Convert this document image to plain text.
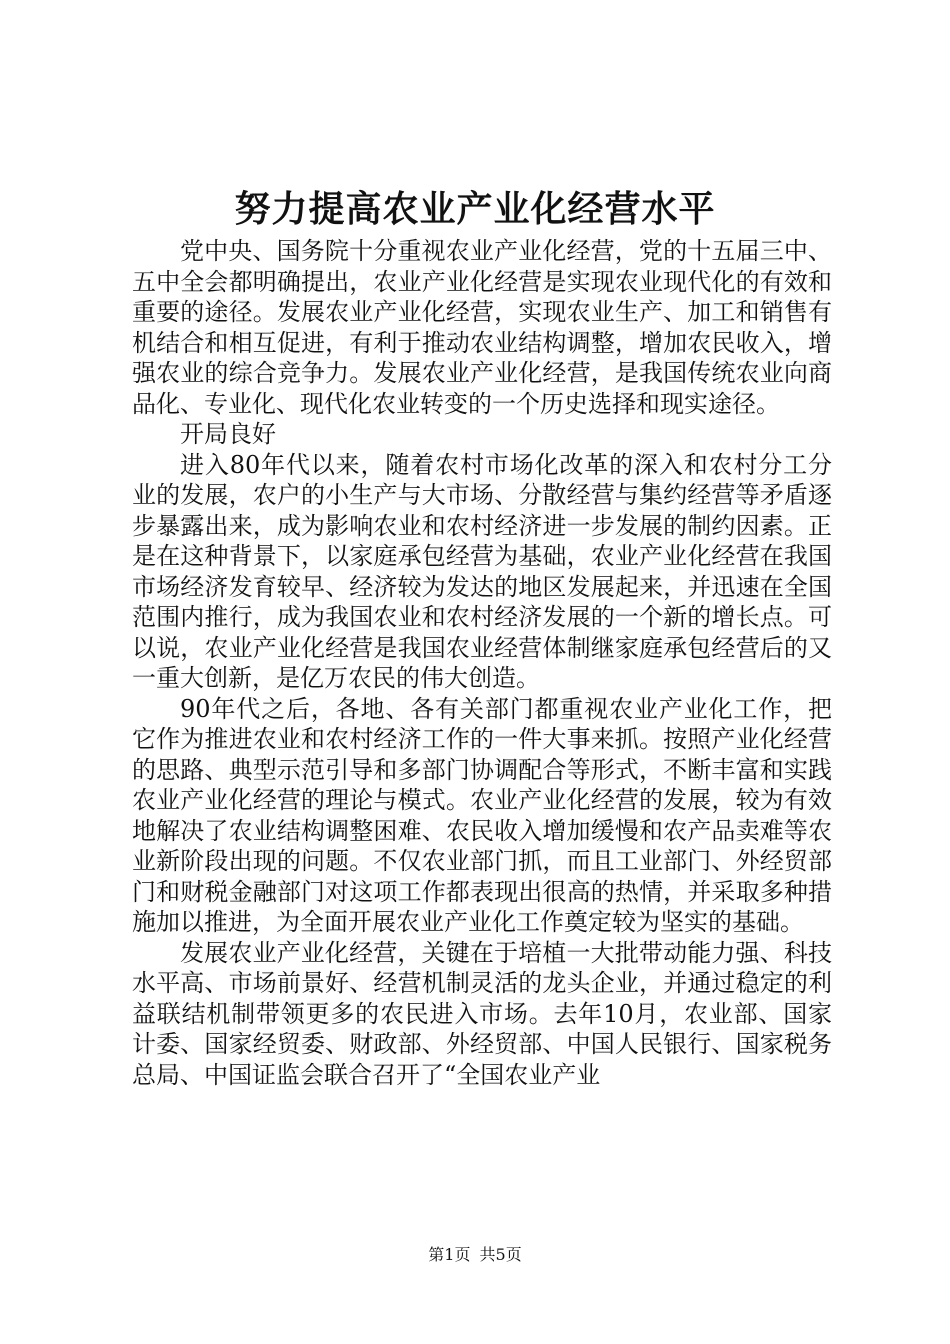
努力提高农业产业化经营水平

党中央、国务院十分重视农业产业化经营，党的十五届三中、五中全会都明确提出，农业产业化经营是实现农业现代化的有效和重要的途径。发展农业产业化经营，实现农业生产、加工和销售有机结合和相互促进，有利于推动农业结构调整，增加农民收入，增强农业的综合竞争力。发展农业产业化经营，是我国传统农业向商品化、专业化、现代化农业转变的一个历史选择和现实途径。

开局良好

进入80年代以来，随着农村市场化改革的深入和农村分工分业的发展，农户的小生产与大市场、分散经营与集约经营等矛盾逐步暴露出来，成为影响农业和农村经济进一步发展的制约因素。正是在这种背景下，以家庭承包经营为基础，农业产业化经营在我国市场经济发育较早、经济较为发达的地区发展起来，并迅速在全国范围内推行，成为我国农业和农村经济发展的一个新的增长点。可以说，农业产业化经营是我国农业经营体制继家庭承包经营后的又一重大创新，是亿万农民的伟大创造。

90年代之后，各地、各有关部门都重视农业产业化工作，把它作为推进农业和农村经济工作的一件大事来抓。按照产业化经营的思路、典型示范引导和多部门协调配合等形式，不断丰富和实践农业产业化经营的理论与模式。农业产业化经营的发展，较为有效地解决了农业结构调整困难、农民收入增加缓慢和农产品卖难等农业新阶段出现的问题。不仅农业部门抓，而且工业部门、外经贸部门和财税金融部门对这项工作都表现出很高的热情，并采取多种措施加以推进，为全面开展农业产业化工作奠定较为坚实的基础。

发展农业产业化经营，关键在于培植一大批带动能力强、科技水平高、市场前景好、经营机制灵活的龙头企业，并通过稳定的利益联结机制带领更多的农民进入市场。去年10月，农业部、国家计委、国家经贸委、财政部、外经贸部、中国人民银行、国家税务总局、中国证监会联合召开了“全国农业产业

第1页 共5页
